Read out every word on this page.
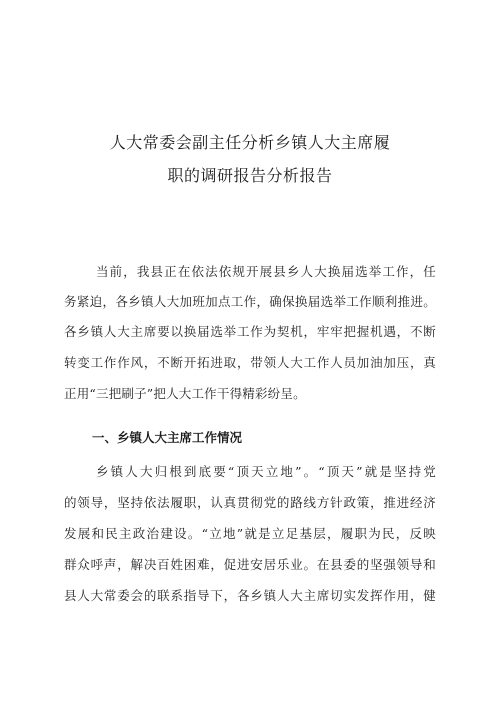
人大常委会副主任分析乡镇人大主席履
职的调研报告分析报告
当前，我县正在依法依规开展县乡人大换届选举工作，任
务紧迫，各乡镇人大加班加点工作，确保换届选举工作顺利推进。
各乡镇人大主席要以换届选举工作为契机，牢牢把握机遇，不断
转变工作作风，不断开拓进取，带领人大工作人员加油加压，真
正用“三把刷子”把人大工作干得精彩纷呈。
一、乡镇人大主席工作情况
乡镇人大归根到底要“顶天立地”。“顶天”就是坚持党
的领导，坚持依法履职，认真贯彻党的路线方针政策，推进经济
发展和民主政治建设。“立地”就是立足基层，履职为民，反映
群众呼声，解决百姓困难，促进安居乐业。在县委的坚强领导和
县人大常委会的联系指导下，各乡镇人大主席切实发挥作用，健
